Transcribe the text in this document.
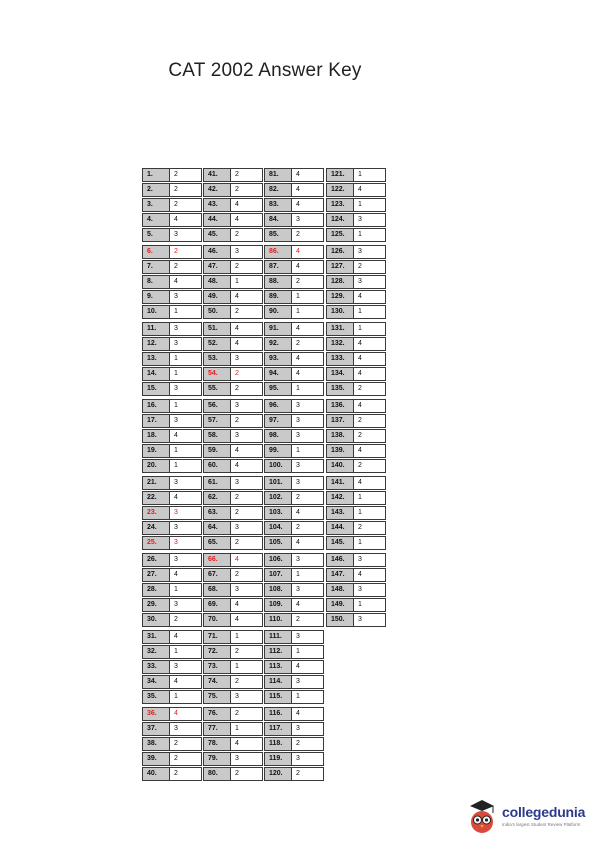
CAT 2002 Answer Key
1.	2
2.	2
3.	2
4.	4
5.	3
6.	2
7.	2
8.	4
9.	3
10.	1
11.	3
12.	3
13.	1
14.	1
15.	3
16.	1
17.	3
18.	4
19.	1
20.	1
21.	3
22.	4
23.	3
24.	3
25.	3
26.	3
27.	4
28.	1
29.	3
30.	2
31.	4
32.	1
33.	3
34.	4
35.	1
36.	4
37.	3
38.	2
39.	2
40.	2
41.	2
42.	2
43.	4
44.	4
45.	2
46.	3
47.	2
48.	1
49.	4
50.	2
51.	4
52.	4
53.	3
54.	2
55.	2
56.	3
57.	2
58.	3
59.	4
60.	4
61.	3
62.	2
63.	2
64.	3
65.	2
66.	4
67.	2
68.	3
69.	4
70.	4
71.	1
72.	2
73.	1
74.	2
75.	3
76.	2
77.	1
78.	4
79.	3
80.	2
81.	4
82.	4
83.	4
84.	3
85.	2
86.	4
87.	4
88.	2
89.	1
90.	1
91.	4
92.	2
93.	4
94.	4
95.	1
96.	3
97.	3
98.	3
99.	1
100.	3
101.	3
102.	2
103.	4
104.	2
105.	4
106.	3
107.	1
108.	3
109.	4
110.	2
111.	3
112.	1
113.	4
114.	3
115.	1
116.	4
117.	3
118.	2
119.	3
120.	2
121.	1
122.	4
123.	1
124.	3
125.	1
126.	3
127.	2
128.	3
129.	4
130.	1
131.	1
132.	4
133.	4
134.	4
135.	2
136.	4
137.	2
138.	2
139.	4
140.	2
141.	4
142.	1
143.	1
144.	2
145.	1
146.	3
147.	4
148.	3
149.	1
150.	3
collegedunia
India's largest Student Review Platform
